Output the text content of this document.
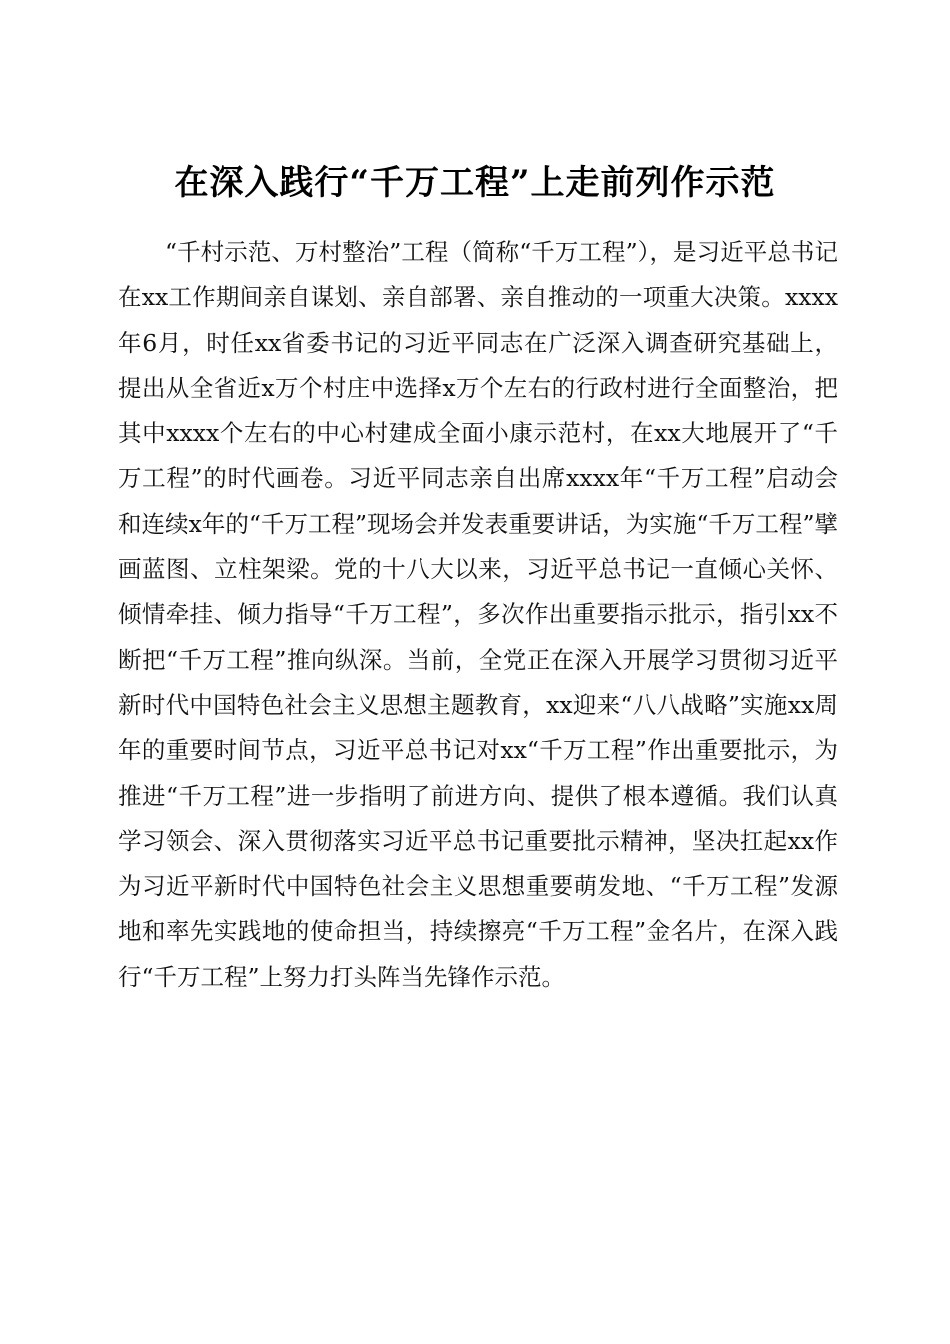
在深入践行“千万工程”上走前列作示范

“千村示范、万村整治”工程（简称“千万工程”），是习近平总书记在xx工作期间亲自谋划、亲自部署、亲自推动的一项重大决策。xxxx年6月，时任xx省委书记的习近平同志在广泛深入调查研究基础上，提出从全省近x万个村庄中选择x万个左右的行政村进行全面整治，把其中xxxx个左右的中心村建成全面小康示范村，在xx大地展开了“千万工程”的时代画卷。习近平同志亲自出席xxxx年“千万工程”启动会和连续x年的“千万工程”现场会并发表重要讲话，为实施“千万工程”擘画蓝图、立柱架梁。党的十八大以来，习近平总书记一直倾心关怀、倾情牵挂、倾力指导“千万工程”，多次作出重要指示批示，指引xx不断把“千万工程”推向纵深。当前，全党正在深入开展学习贯彻习近平新时代中国特色社会主义思想主题教育，xx迎来“八八战略”实施xx周年的重要时间节点，习近平总书记对xx“千万工程”作出重要批示，为推进“千万工程”进一步指明了前进方向、提供了根本遵循。我们认真学习领会、深入贯彻落实习近平总书记重要批示精神，坚决扛起xx作为习近平新时代中国特色社会主义思想重要萌发地、“千万工程”发源地和率先实践地的使命担当，持续擦亮“千万工程”金名片，在深入践行“千万工程”上努力打头阵当先锋作示范。
